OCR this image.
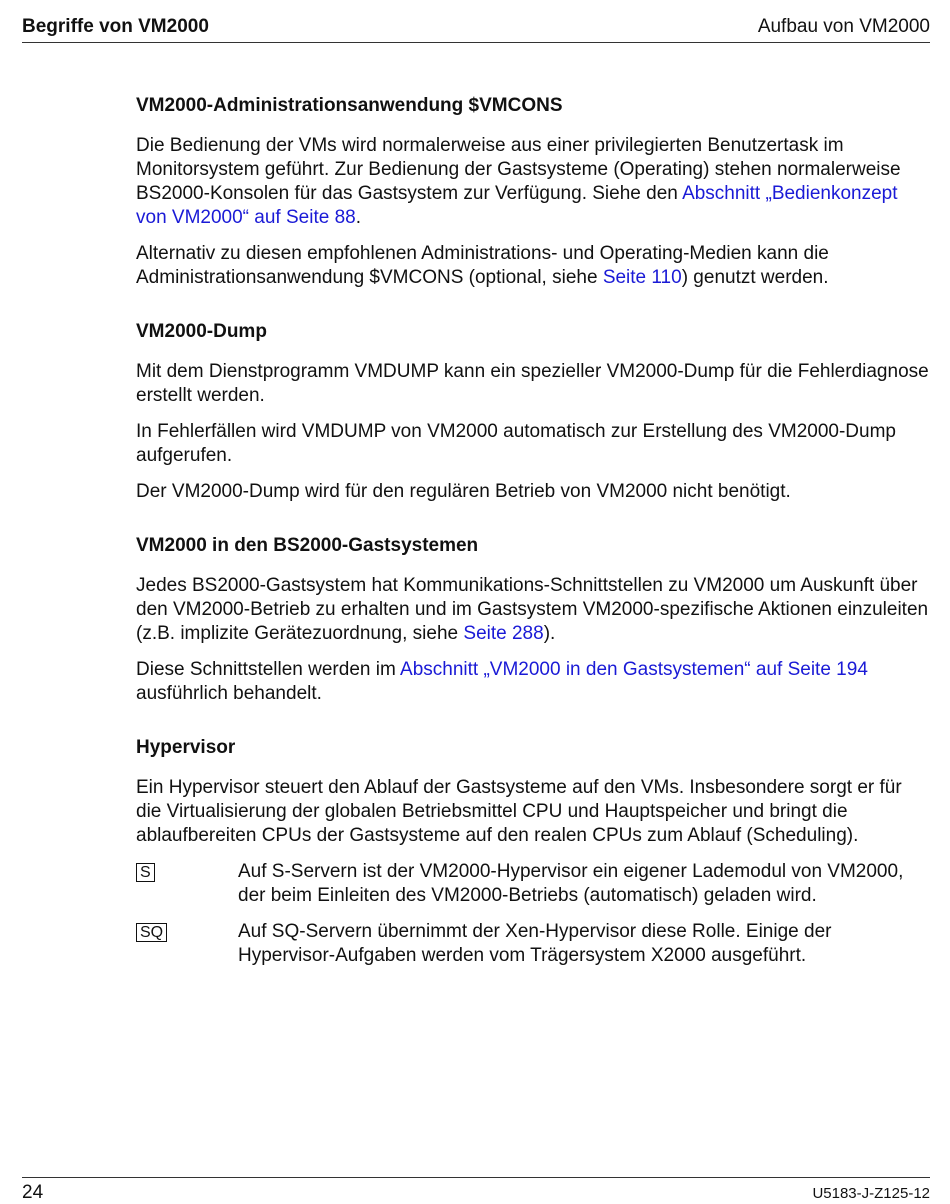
Begriffe von VM2000	Aufbau von VM2000
VM2000-Administrationsanwendung $VMCONS

Die Bedienung der VMs wird normalerweise aus einer privilegierten Benutzertask im Monitorsystem geführt. Zur Bedienung der Gastsysteme (Operating) stehen normalerweise BS2000-Konsolen für das Gastsystem zur Verfügung. Siehe den Abschnitt „Bedienkonzept von VM2000“ auf Seite 88.

Alternativ zu diesen empfohlenen Administrations- und Operating-Medien kann die Administrationsanwendung $VMCONS (optional, siehe Seite 110) genutzt werden.

VM2000-Dump

Mit dem Dienstprogramm VMDUMP kann ein spezieller VM2000-Dump für die Fehlerdiagnose erstellt werden.

In Fehlerfällen wird VMDUMP von VM2000 automatisch zur Erstellung des VM2000-Dump aufgerufen.

Der VM2000-Dump wird für den regulären Betrieb von VM2000 nicht benötigt.

VM2000 in den BS2000-Gastsystemen

Jedes BS2000-Gastsystem hat Kommunikations-Schnittstellen zu VM2000 um Auskunft über den VM2000-Betrieb zu erhalten und im Gastsystem VM2000-spezifische Aktionen einzuleiten (z.B. implizite Gerätezuordnung, siehe Seite 288).

Diese Schnittstellen werden im Abschnitt „VM2000 in den Gastsystemen“ auf Seite 194 ausführlich behandelt.

Hypervisor

Ein Hypervisor steuert den Ablauf der Gastsysteme auf den VMs. Insbesondere sorgt er für die Virtualisierung der globalen Betriebsmittel CPU und Hauptspeicher und bringt die ablaufbereiten CPUs der Gastsysteme auf den realen CPUs zum Ablauf (Scheduling).

S	Auf S-Servern ist der VM2000-Hypervisor ein eigener Lademodul von VM2000, der beim Einleiten des VM2000-Betriebs (automatisch) geladen wird.
SQ	Auf SQ-Servern übernimmt der Xen-Hypervisor diese Rolle. Einige der Hypervisor-Aufgaben werden vom Trägersystem X2000 ausgeführt.
24	U5183-J-Z125-12
